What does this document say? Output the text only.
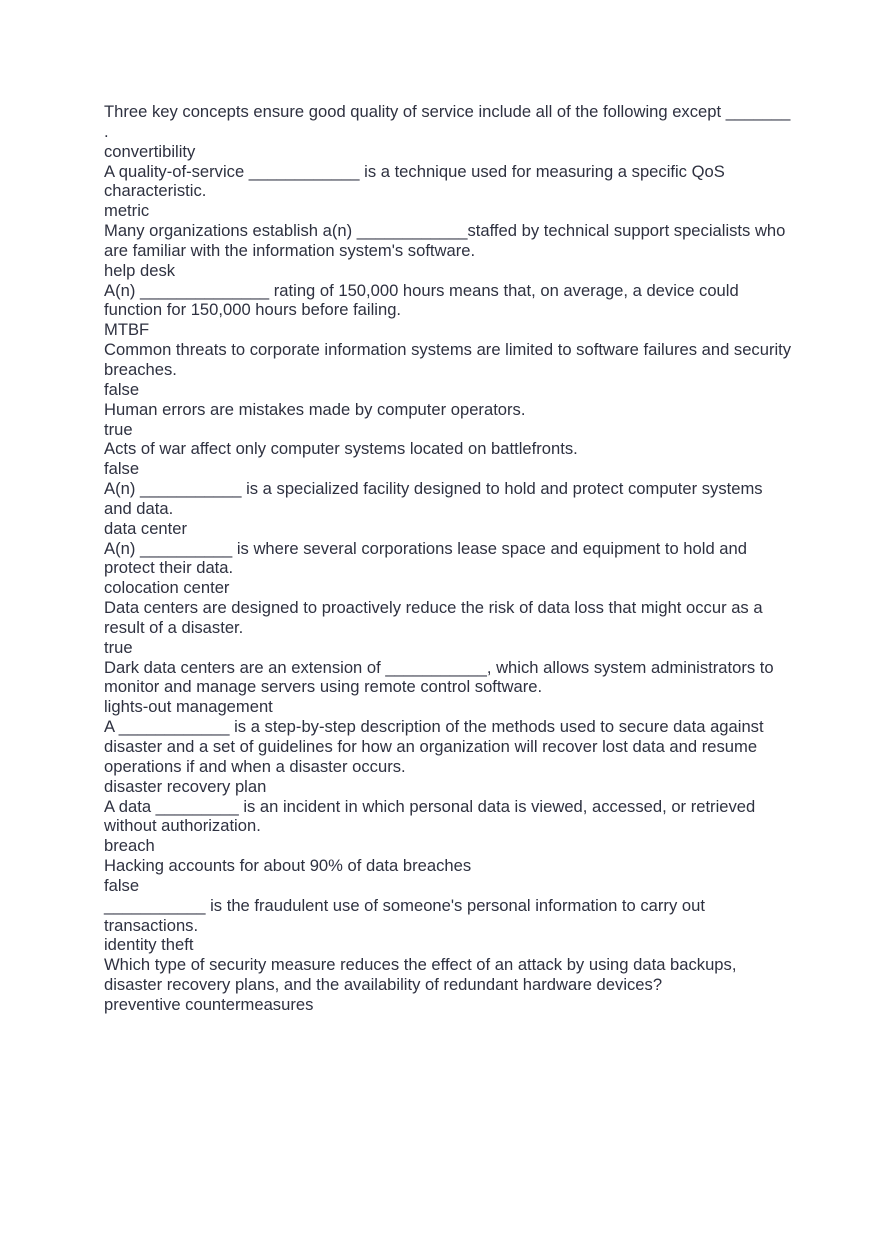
Three key concepts ensure good quality of service include all of the following except _______ .
convertibility
A quality-of-service ____________ is a technique used for measuring a specific QoS characteristic.
metric
Many organizations establish a(n) ____________staffed by technical support specialists who are familiar with the information system's software.
help desk
A(n) ______________ rating of 150,000 hours means that, on average, a device could function for 150,000 hours before failing.
MTBF
Common threats to corporate information systems are limited to software failures and security breaches.
false
Human errors are mistakes made by computer operators.
true
Acts of war affect only computer systems located on battlefronts.
false
A(n) ___________ is a specialized facility designed to hold and protect computer systems and data.
data center
A(n) __________ is where several corporations lease space and equipment to hold and protect their data.
colocation center
Data centers are designed to proactively reduce the risk of data loss that might occur as a result of a disaster.
true
Dark data centers are an extension of ___________, which allows system administrators to monitor and manage servers using remote control software.
lights-out management
A ____________ is a step-by-step description of the methods used to secure data against disaster and a set of guidelines for how an organization will recover lost data and resume operations if and when a disaster occurs.
disaster recovery plan
A data _________ is an incident in which personal data is viewed, accessed, or retrieved without authorization.
breach
Hacking accounts for about 90% of data breaches
false
___________ is the fraudulent use of someone's personal information to carry out transactions.
identity theft
Which type of security measure reduces the effect of an attack by using data backups, disaster recovery plans, and the availability of redundant hardware devices?
preventive countermeasures
